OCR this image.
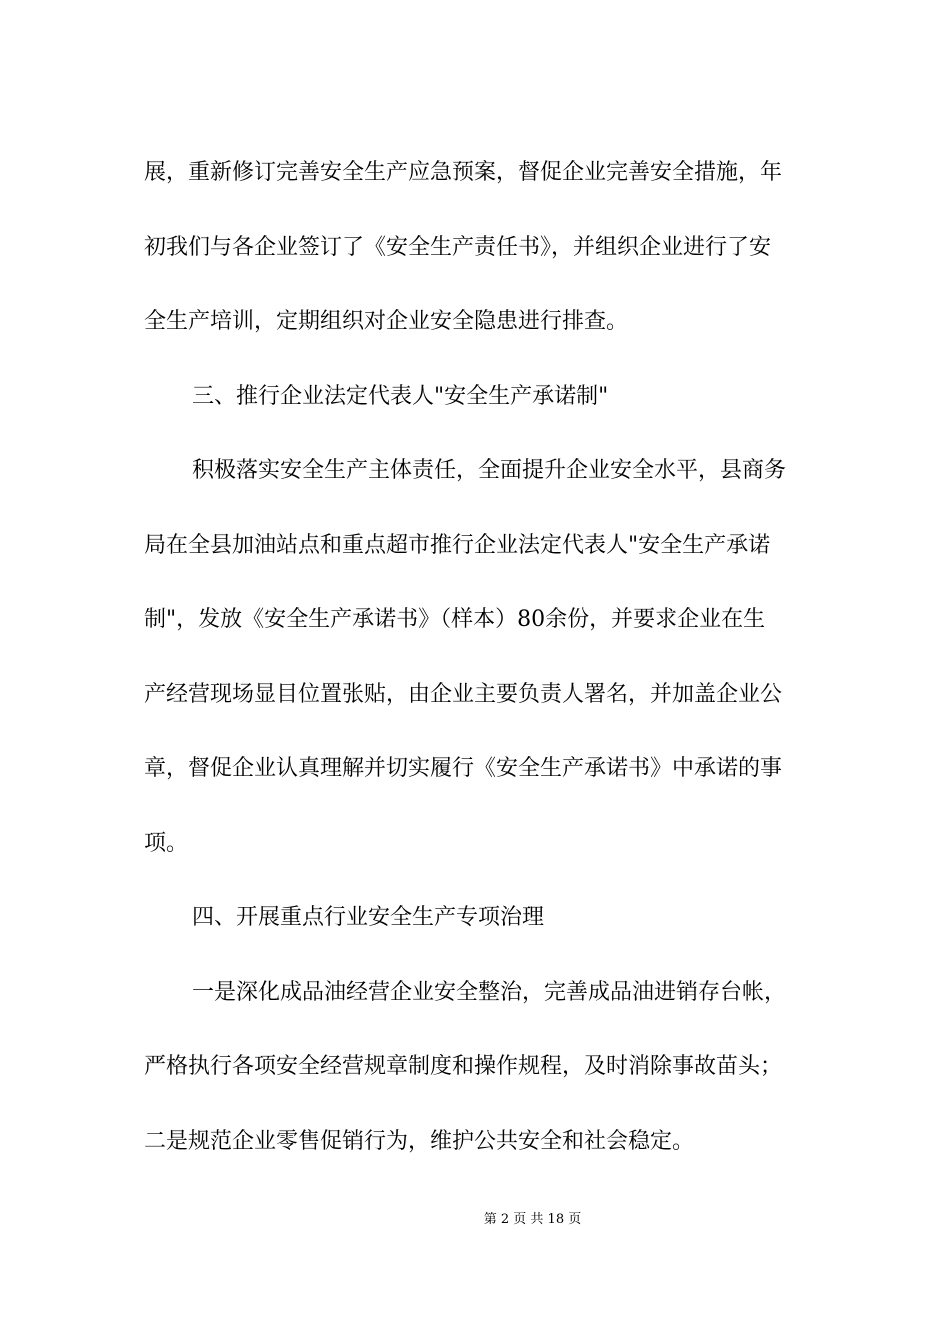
展，重新修订完善安全生产应急预案，督促企业完善安全措施，年
初我们与各企业签订了《安全生产责任书》，并组织企业进行了安
全生产培训，定期组织对企业安全隐患进行排查。
三、推行企业法定代表人"安全生产承诺制"
积极落实安全生产主体责任，全面提升企业安全水平，县商务
局在全县加油站点和重点超市推行企业法定代表人"安全生产承诺
制"，发放《安全生产承诺书》（样本）80余份，并要求企业在生
产经营现场显目位置张贴，由企业主要负责人署名，并加盖企业公
章，督促企业认真理解并切实履行《安全生产承诺书》中承诺的事
项。
四、开展重点行业安全生产专项治理
一是深化成品油经营企业安全整治，完善成品油进销存台帐，
严格执行各项安全经营规章制度和操作规程，及时消除事故苗头；
二是规范企业零售促销行为，维护公共安全和社会稳定。
第 2 页 共 18 页
